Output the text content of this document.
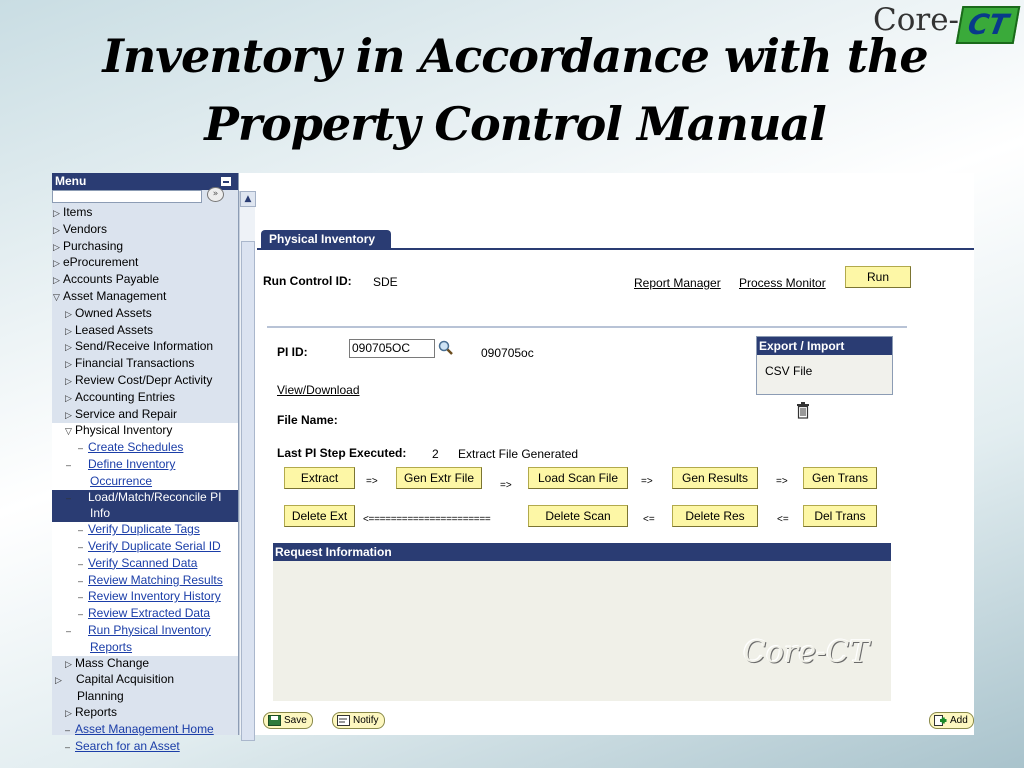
Inventory in Accordance with the
Property Control Manual
Core- CT
Menu
»
▷ Items
▷ Vendors
▷ Purchasing
▷ eProcurement
▷ Accounts Payable
▽ Asset Management
▷ Owned Assets
▷ Leased Assets
▷ Send/Receive Information
▷ Financial Transactions
▷ Review Cost/Depr Activity
▷ Accounting Entries
▷ Service and Repair
▽ Physical Inventory
– Create Schedules
– Define Inventory Occurrence
– Load/Match/Reconcile PI Info
– Verify Duplicate Tags
– Verify Duplicate Serial ID
– Verify Scanned Data
– Review Matching Results
– Review Inventory History
– Review Extracted Data
– Run Physical Inventory Reports
▷ Mass Change
▷ Capital Acquisition Planning
▷ Reports
– Asset Management Home
– Search for an Asset
▲
Physical Inventory
Run Control ID: SDE	Report Manager Process Monitor	Run
PI ID:	090705OC	090705oc	Export / Import
CSV File
View/Download
File Name:
Last PI Step Executed: 2 Extract File Generated
Extract	=>	Gen Extr File
=>
Load Scan File	=>	Gen Results	=>	Gen Trans
Delete Ext	<======================	Delete Scan	<=	Delete Res	<=	Del Trans
Request Information
Core-CT
Save	Notify	Add
